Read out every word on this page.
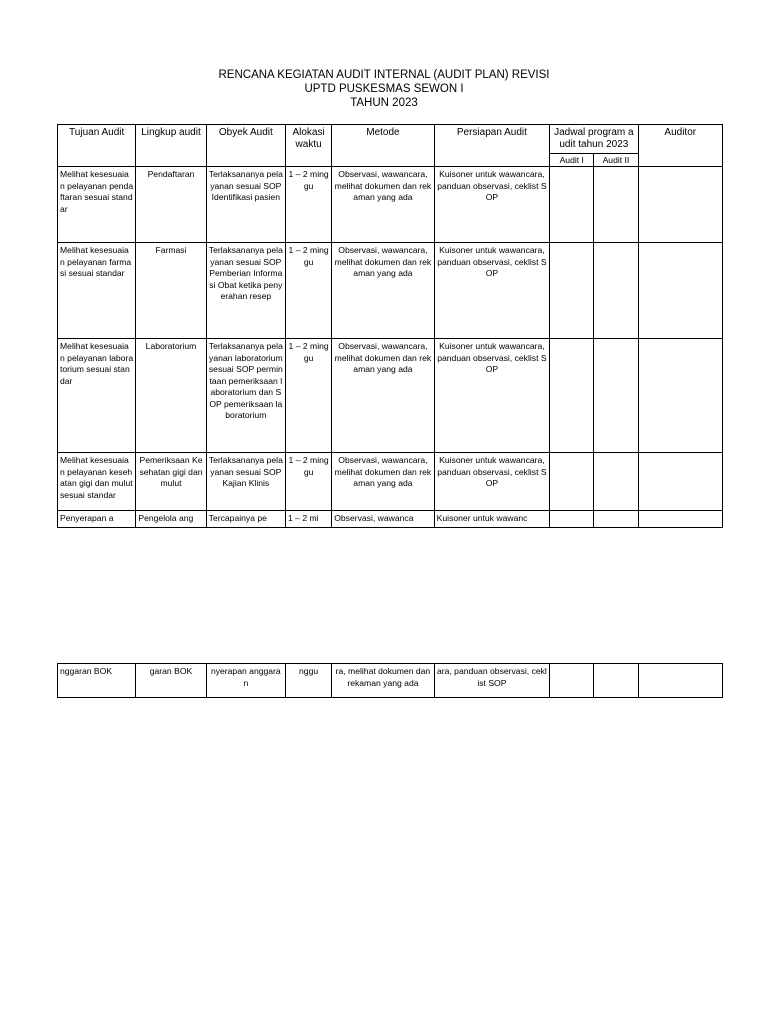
RENCANA KEGIATAN AUDIT INTERNAL (AUDIT PLAN) REVISI
UPTD PUSKESMAS SEWON I
TAHUN 2023
Tujuan Audit	Lingkup audit	Obyek Audit	Alokasi waktu	Metode	Persiapan Audit	Jadwal program audit tahun 2023		Auditor
						Audit I	Audit II	
Melihat kesesuaian pelayanan pendaftaran sesuai standar	Pendaftaran	Terlaksananya pelayanan sesuai SOP Identifikasi pasien	1 – 2 minggu	Observasi, wawancara, melihat dokumen dan rekaman yang ada	Kuisoner untuk wawancara, panduan observasi, ceklist SOP			
Melihat kesesuaian pelayanan farmasi sesuai standar	Farmasi	Terlaksananya pelayanan sesuai SOP Pemberian Informasi Obat ketika penyerahan resep	1 – 2 minggu	Observasi, wawancara, melihat dokumen dan rekaman yang ada	Kuisoner untuk wawancara, panduan observasi, ceklist SOP			
Melihat kesesuaian pelayanan laboratorium sesuai standar	Laboratorium	Terlaksananya pelayanan laboratorium sesuai SOP permintaan pemeriksaan laboratorium dan SOP pemeriksaan laboratorium	1 – 2 minggu	Observasi, wawancara, melihat dokumen dan rekaman yang ada	Kuisoner untuk wawancara, panduan observasi, ceklist SOP			
Melihat kesesuaian pelayanan kesehatan gigi dan mulut sesuai standar	Pemeriksaan Kesehatan gigi dan mulut	Terlaksananya pelayanan sesuai SOP Kajian Klinis	1 – 2 minggu	Observasi, wawancara, melihat dokumen dan rekaman yang ada	Kuisoner untuk wawancara, panduan observasi, ceklist SOP			
Penyerapan a	Pengelola ang	Tercapainya pe	1 – 2 mi	Observasi, wawanca	Kuisoner untuk wawanc			
nggaran BOK	garan BOK	nyerapan anggaran	nggu	ra, melihat dokumen dan rekaman yang ada	ara, panduan observasi, ceklist SOP			
